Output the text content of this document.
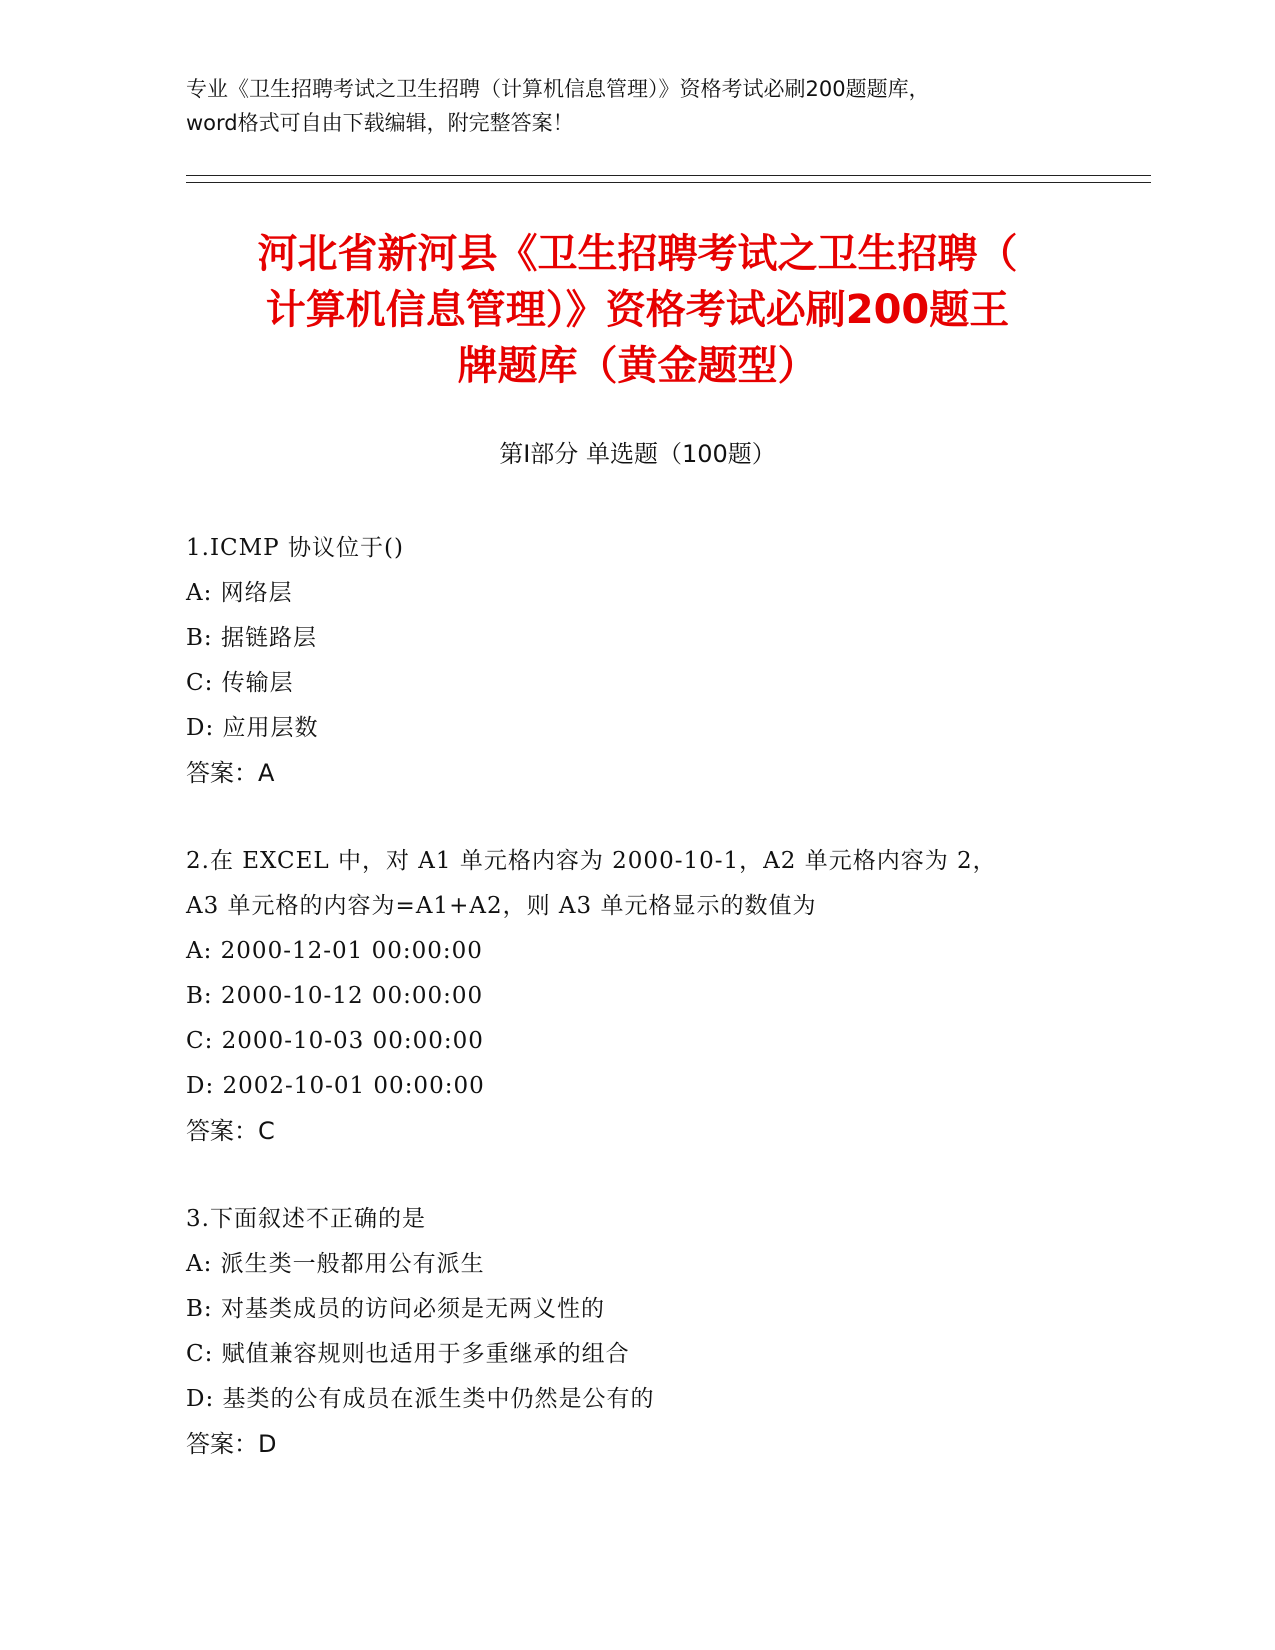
专业《卫生招聘考试之卫生招聘（计算机信息管理）》资格考试必刷200题题库，
word格式可自由下载编辑，附完整答案！
河北省新河县《卫生招聘考试之卫生招聘（
计算机信息管理）》资格考试必刷200题王
牌题库（黄金题型）
第Ⅰ部分 单选题（100题）
1.ICMP 协议位于()
A: 网络层
B: 据链路层
C: 传输层
D: 应用层数
答案：A
2.在 EXCEL 中，对 A1 单元格内容为 2000-10-1，A2 单元格内容为 2，
A3 单元格的内容为=A1+A2，则 A3 单元格显示的数值为
A: 2000-12-01 00:00:00
B: 2000-10-12 00:00:00
C: 2000-10-03 00:00:00
D: 2002-10-01 00:00:00
答案：C
3.下面叙述不正确的是
A: 派生类一般都用公有派生
B: 对基类成员的访问必须是无两义性的
C: 赋值兼容规则也适用于多重继承的组合
D: 基类的公有成员在派生类中仍然是公有的
答案：D
